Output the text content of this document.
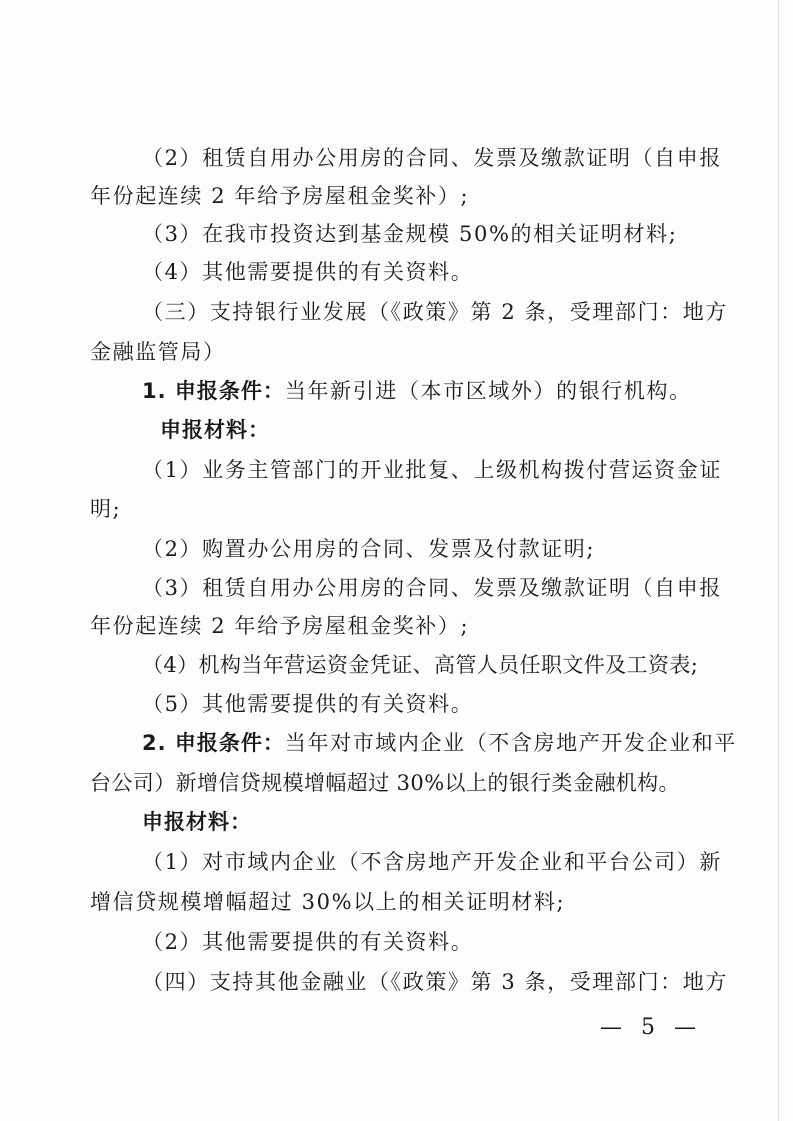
（2）租赁自用办公用房的合同、发票及缴款证明（自申报
年份起连续 2 年给予房屋租金奖补）;
（3）在我市投资达到基金规模 50%的相关证明材料;
（4）其他需要提供的有关资料。
（三）支持银行业发展（《政策》第 2 条，受理部门：地方
金融监管局）
1. 申报条件：当年新引进（本市区域外）的银行机构。
申报材料：
（1）业务主管部门的开业批复、上级机构拨付营运资金证
明;
（2）购置办公用房的合同、发票及付款证明;
（3）租赁自用办公用房的合同、发票及缴款证明（自申报
年份起连续 2 年给予房屋租金奖补）;
（4）机构当年营运资金凭证、高管人员任职文件及工资表;
（5）其他需要提供的有关资料。
2. 申报条件：当年对市域内企业（不含房地产开发企业和平
台公司）新增信贷规模增幅超过 30%以上的银行类金融机构。
申报材料：
（1）对市域内企业（不含房地产开发企业和平台公司）新
增信贷规模增幅超过 30%以上的相关证明材料;
（2）其他需要提供的有关资料。
（四）支持其他金融业（《政策》第 3 条，受理部门：地方
— 5 —
